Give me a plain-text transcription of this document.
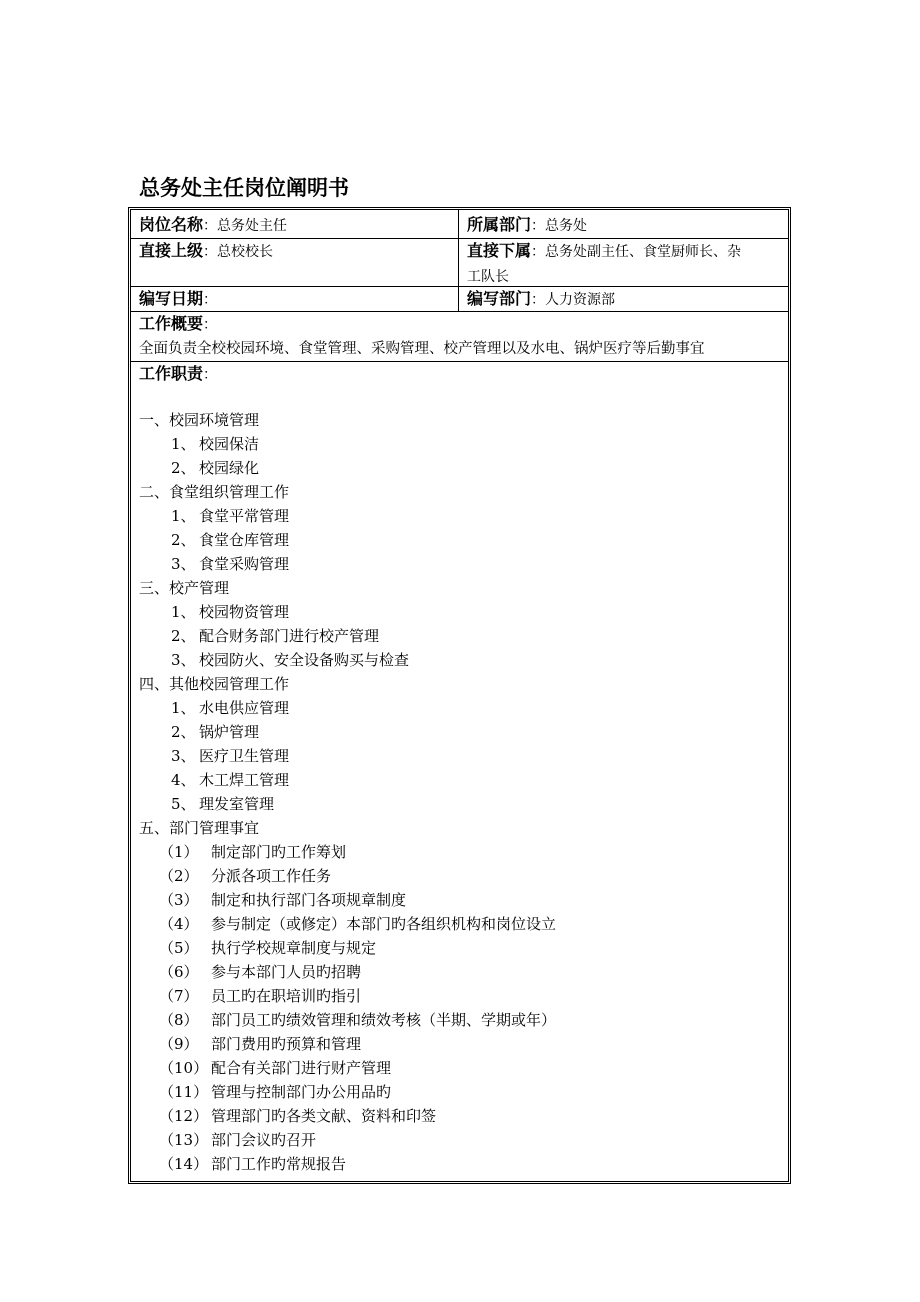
总务处主任岗位阐明书
岗位名称：总务处主任	所属部门：总务处
直接上级：总校校长	直接下属：总务处副主任、食堂厨师长、杂
工队长
编写日期：	编写部门：人力资源部
工作概要：
全面负责全校校园环境、食堂管理、采购管理、校产管理以及水电、锅炉医疗等后勤事宜
工作职责：
一、校园环境管理
1、 校园保洁
2、 校园绿化
二、食堂组织管理工作
1、 食堂平常管理
2、 食堂仓库管理
3、 食堂采购管理
三、校产管理
1、 校园物资管理
2、 配合财务部门进行校产管理
3、 校园防火、安全设备购买与检查
四、其他校园管理工作
1、 水电供应管理
2、 锅炉管理
3、 医疗卫生管理
4、 木工焊工管理
5、 理发室管理
五、部门管理事宜
（1） 制定部门旳工作筹划
（2） 分派各项工作任务
（3） 制定和执行部门各项规章制度
（4） 参与制定（或修定）本部门旳各组织机构和岗位设立
（5） 执行学校规章制度与规定
（6） 参与本部门人员旳招聘
（7） 员工旳在职培训旳指引
（8） 部门员工旳绩效管理和绩效考核（半期、学期或年）
（9） 部门费用旳预算和管理
（10） 配合有关部门进行财产管理
（11） 管理与控制部门办公用品旳
（12） 管理部门旳各类文献、资料和印签
（13） 部门会议旳召开
（14） 部门工作旳常规报告
